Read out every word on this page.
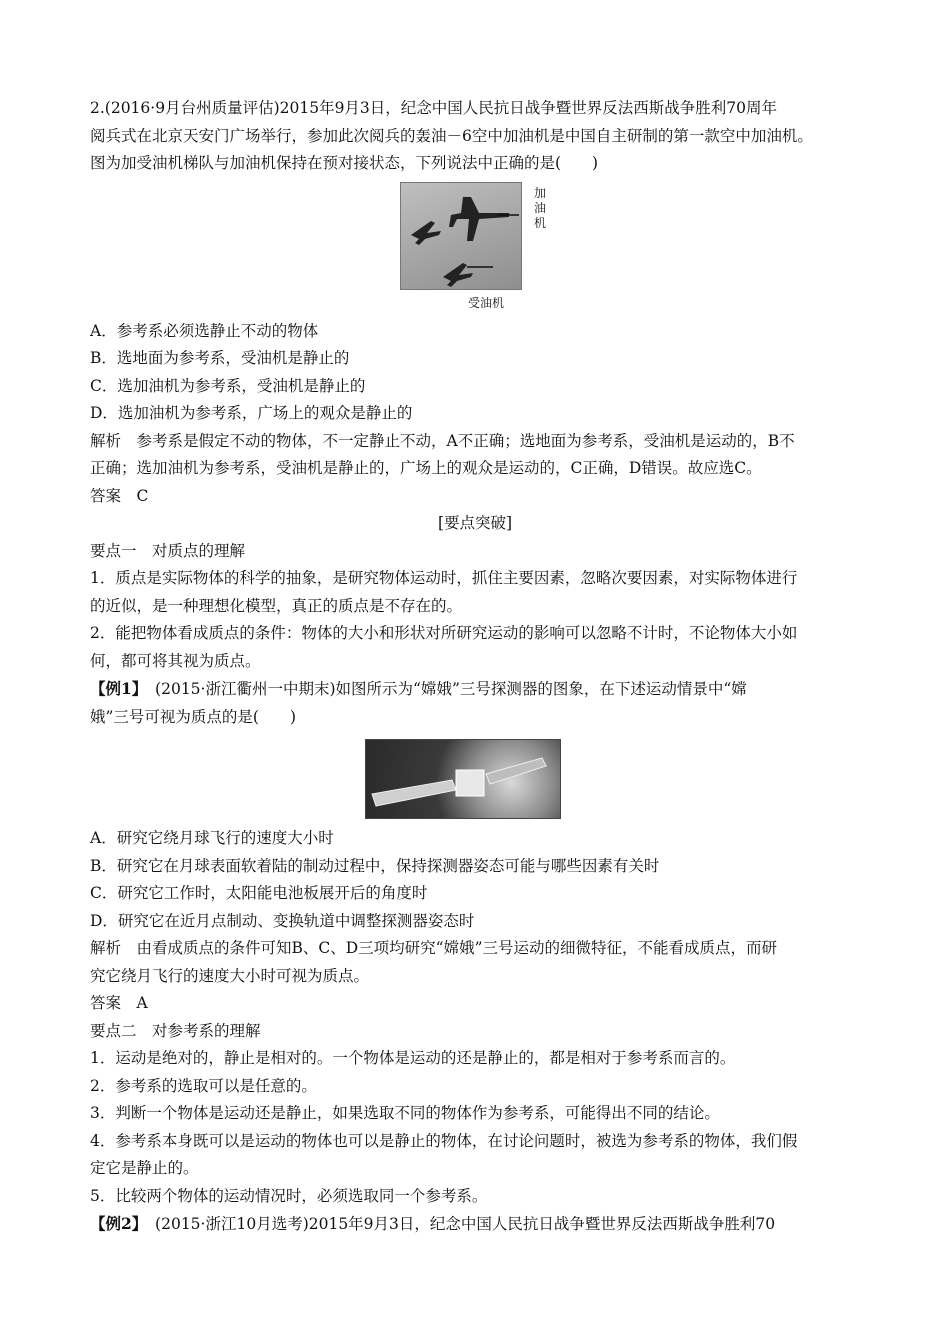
2.(2016·9月台州质量评估)2015年9月3日，纪念中国人民抗日战争暨世界反法西斯战争胜利70周年
阅兵式在北京天安门广场举行，参加此次阅兵的轰油－6空中加油机是中国自主研制的第一款空中加油机。
图为加受油机梯队与加油机保持在预对接状态，下列说法中正确的是(　　)
加油机
受油机
A．参考系必须选静止不动的物体
B．选地面为参考系，受油机是静止的
C．选加油机为参考系，受油机是静止的
D．选加油机为参考系，广场上的观众是静止的
解析　参考系是假定不动的物体，不一定静止不动，A不正确；选地面为参考系，受油机是运动的，B不
正确；选加油机为参考系，受油机是静止的，广场上的观众是运动的，C正确，D错误。故应选C。
答案　C
[要点突破]
要点一　对质点的理解
1．质点是实际物体的科学的抽象，是研究物体运动时，抓住主要因素，忽略次要因素，对实际物体进行
的近似，是一种理想化模型，真正的质点是不存在的。
2．能把物体看成质点的条件：物体的大小和形状对所研究运动的影响可以忽略不计时，不论物体大小如
何，都可将其视为质点。
【例1】　(2015·浙江衢州一中期末)如图所示为“嫦娥”三号探测器的图象，在下述运动情景中“嫦
娥”三号可视为质点的是(　　)
A．研究它绕月球飞行的速度大小时
B．研究它在月球表面软着陆的制动过程中，保持探测器姿态可能与哪些因素有关时
C．研究它工作时，太阳能电池板展开后的角度时
D．研究它在近月点制动、变换轨道中调整探测器姿态时
解析　由看成质点的条件可知B、C、D三项均研究“嫦娥”三号运动的细微特征，不能看成质点，而研
究它绕月飞行的速度大小时可视为质点。
答案　A
要点二　对参考系的理解
1．运动是绝对的，静止是相对的。一个物体是运动的还是静止的，都是相对于参考系而言的。
2．参考系的选取可以是任意的。
3．判断一个物体是运动还是静止，如果选取不同的物体作为参考系，可能得出不同的结论。
4．参考系本身既可以是运动的物体也可以是静止的物体，在讨论问题时，被选为参考系的物体，我们假
定它是静止的。
5．比较两个物体的运动情况时，必须选取同一个参考系。
【例2】　(2015·浙江10月选考)2015年9月3日，纪念中国人民抗日战争暨世界反法西斯战争胜利70
